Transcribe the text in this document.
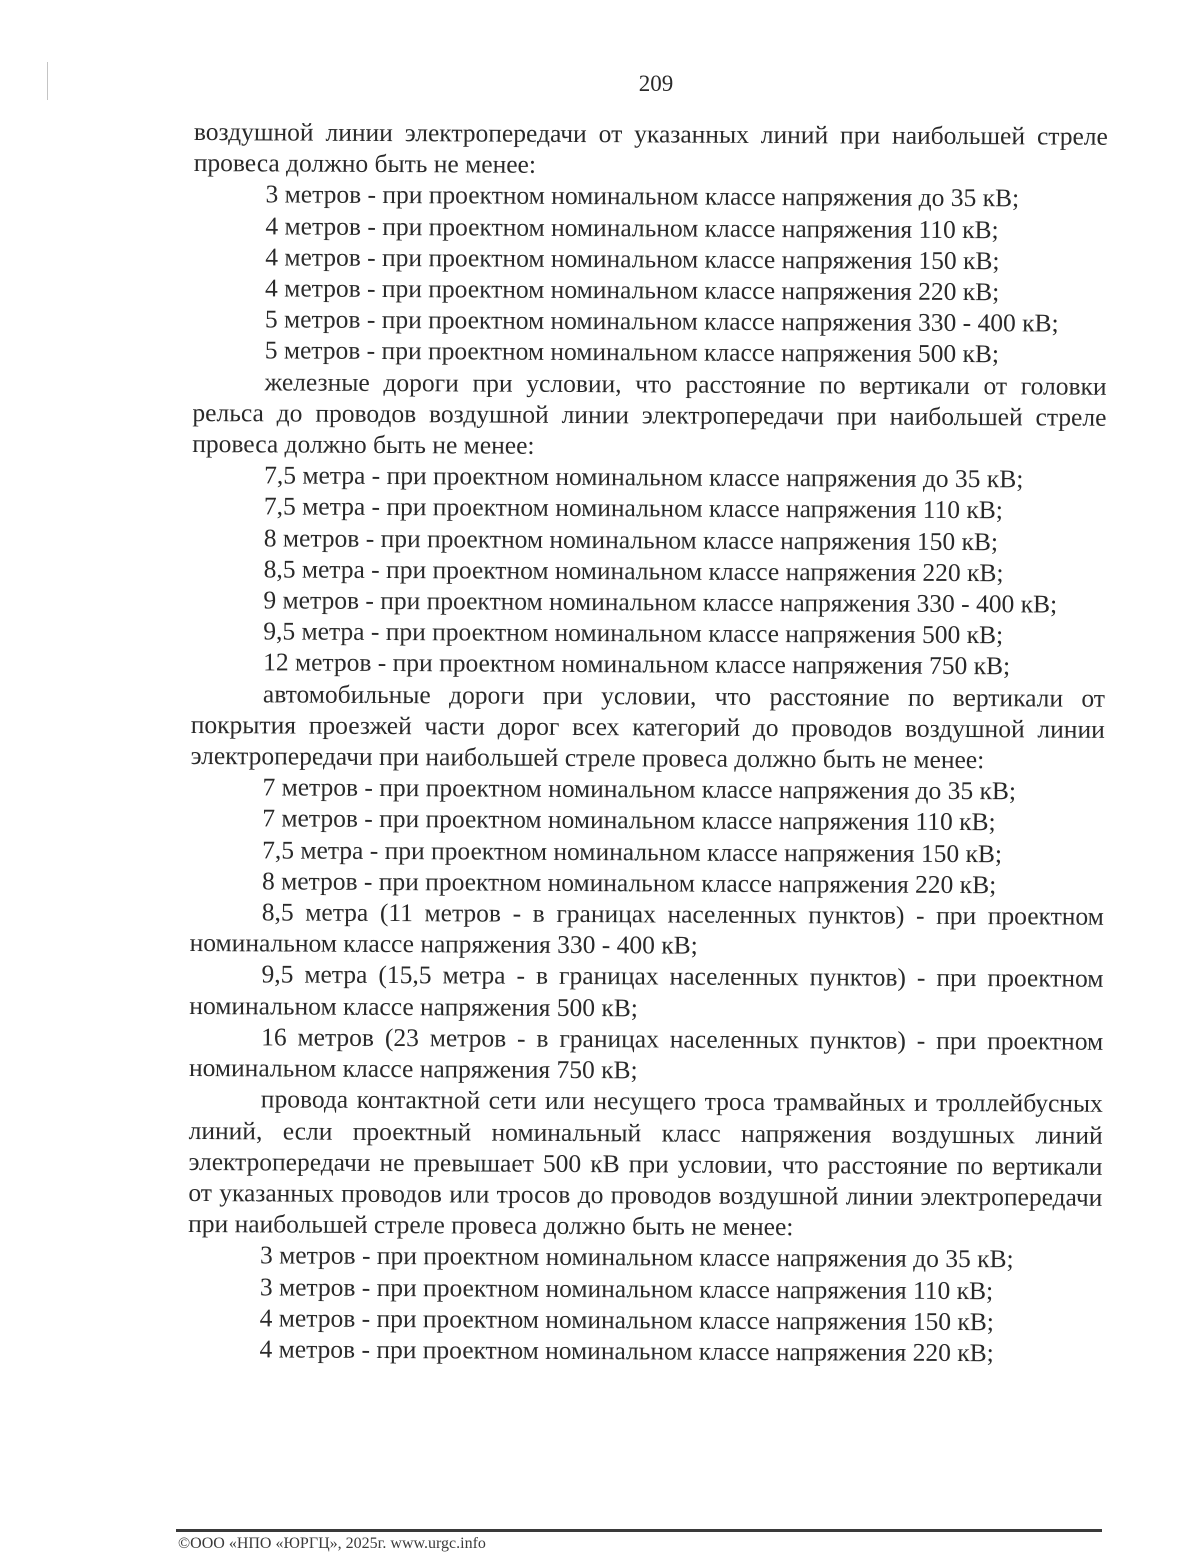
209

воздушной линии электропередачи от указанных линий при наибольшей стреле провеса должно быть не менее:

3 метров - при проектном номинальном классе напряжения до 35 кВ;

4 метров - при проектном номинальном классе напряжения 110 кВ;

4 метров - при проектном номинальном классе напряжения 150 кВ;

4 метров - при проектном номинальном классе напряжения 220 кВ;

5 метров - при проектном номинальном классе напряжения 330 - 400 кВ;

5 метров - при проектном номинальном классе напряжения 500 кВ;

железные дороги при условии, что расстояние по вертикали от головки рельса до проводов воздушной линии электропередачи при наибольшей стреле провеса должно быть не менее:

7,5 метра - при проектном номинальном классе напряжения до 35 кВ;

7,5 метра - при проектном номинальном классе напряжения 110 кВ;

8 метров - при проектном номинальном классе напряжения 150 кВ;

8,5 метра - при проектном номинальном классе напряжения 220 кВ;

9 метров - при проектном номинальном классе напряжения 330 - 400 кВ;

9,5 метра - при проектном номинальном классе напряжения 500 кВ;

12 метров - при проектном номинальном классе напряжения 750 кВ;

автомобильные дороги при условии, что расстояние по вертикали от покрытия проезжей части дорог всех категорий до проводов воздушной линии электропередачи при наибольшей стреле провеса должно быть не менее:

7 метров - при проектном номинальном классе напряжения до 35 кВ;

7 метров - при проектном номинальном классе напряжения 110 кВ;

7,5 метра - при проектном номинальном классе напряжения 150 кВ;

8 метров - при проектном номинальном классе напряжения 220 кВ;

8,5 метра (11 метров - в границах населенных пунктов) - при проектном номинальном классе напряжения 330 - 400 кВ;

9,5 метра (15,5 метра - в границах населенных пунктов) - при проектном номинальном классе напряжения 500 кВ;

16 метров (23 метров - в границах населенных пунктов) - при проектном номинальном классе напряжения 750 кВ;

провода контактной сети или несущего троса трамвайных и троллейбусных линий, если проектный номинальный класс напряжения воздушных линий электропередачи не превышает 500 кВ при условии, что расстояние по вертикали от указанных проводов или тросов до проводов воздушной линии электропередачи при наибольшей стреле провеса должно быть не менее:

3 метров - при проектном номинальном классе напряжения до 35 кВ;

3 метров - при проектном номинальном классе напряжения 110 кВ;

4 метров - при проектном номинальном классе напряжения 150 кВ;

4 метров - при проектном номинальном классе напряжения 220 кВ;

©ООО «НПО «ЮРГЦ», 2025г. www.urgc.info
